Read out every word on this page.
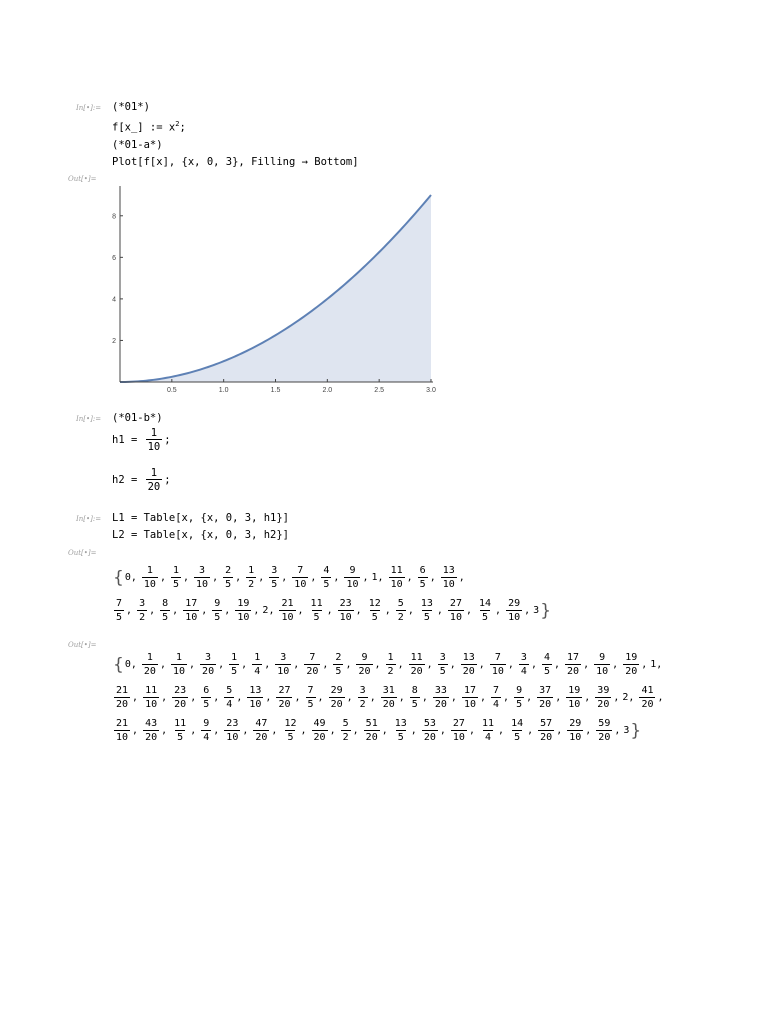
In[•]:= (*01*)
f[x_] := $x^2$;
(*01-a*)
Plot[f[x], {x, 0, 3}, Filling → Bottom]
Out[•]=
0.5	1.0	1.5	2.0	2.5	3.0
2
4
6
8
In[•]:= (*01-b*)
$h1 = \frac{1}{10}$ ;
$h2 = \frac{1}{20}$ ;
In[•]:= L1 = Table[x, {x, 0, 3, h1}]
L2 = Table[x, {x, 0, 3, h2}]
Out[•]=
{ 0 , $\frac{1}{10}$ , $\frac{1}{5}$ , $\frac{3}{10}$ , $\frac{2}{5}$ , $\frac{1}{2}$ , $\frac{3}{5}$ , $\frac{7}{10}$ , $\frac{4}{5}$ , $\frac{9}{10}$ , 1 , $\frac{11}{10}$ , $\frac{6}{5}$ , $\frac{13}{10}$ ,
$\frac{7}{5}$ , $\frac{3}{2}$ , $\frac{8}{5}$ , $\frac{17}{10}$ , $\frac{9}{5}$ , $\frac{19}{10}$ , 2 , $\frac{21}{10}$ , $\frac{11}{5}$ , $\frac{23}{10}$ , $\frac{12}{5}$ , $\frac{5}{2}$ , $\frac{13}{5}$ , $\frac{27}{10}$ , $\frac{14}{5}$ , $\frac{29}{10}$ , 3 }
Out[•]=
{ 0 , $\frac{1}{20}$ , $\frac{1}{10}$ , $\frac{3}{20}$ , $\frac{1}{5}$ , $\frac{1}{4}$ , $\frac{3}{10}$ , $\frac{7}{20}$ , $\frac{2}{5}$ , $\frac{9}{20}$ , $\frac{1}{2}$ , $\frac{11}{20}$ , $\frac{3}{5}$ , $\frac{13}{20}$ , $\frac{7}{10}$ , $\frac{3}{4}$ , $\frac{4}{5}$ , $\frac{17}{20}$ , $\frac{9}{10}$ , $\frac{19}{20}$ , 1 ,
$\frac{21}{20}$ , $\frac{11}{10}$ , $\frac{23}{20}$ , $\frac{6}{5}$ , $\frac{5}{4}$ , $\frac{13}{10}$ , $\frac{27}{20}$ , $\frac{7}{5}$ , $\frac{29}{20}$ , $\frac{3}{2}$ , $\frac{31}{20}$ , $\frac{8}{5}$ , $\frac{33}{20}$ , $\frac{17}{10}$ , $\frac{7}{4}$ , $\frac{9}{5}$ , $\frac{37}{20}$ , $\frac{19}{10}$ , $\frac{39}{20}$ , 2 , $\frac{41}{20}$ ,
$\frac{21}{10}$ , $\frac{43}{20}$ , $\frac{11}{5}$ , $\frac{9}{4}$ , $\frac{23}{10}$ , $\frac{47}{20}$ , $\frac{12}{5}$ , $\frac{49}{20}$ , $\frac{5}{2}$ , $\frac{51}{20}$ , $\frac{13}{5}$ , $\frac{53}{20}$ , $\frac{27}{10}$ , $\frac{11}{4}$ , $\frac{14}{5}$ , $\frac{57}{20}$ , $\frac{29}{10}$ , $\frac{59}{20}$ , 3 }
